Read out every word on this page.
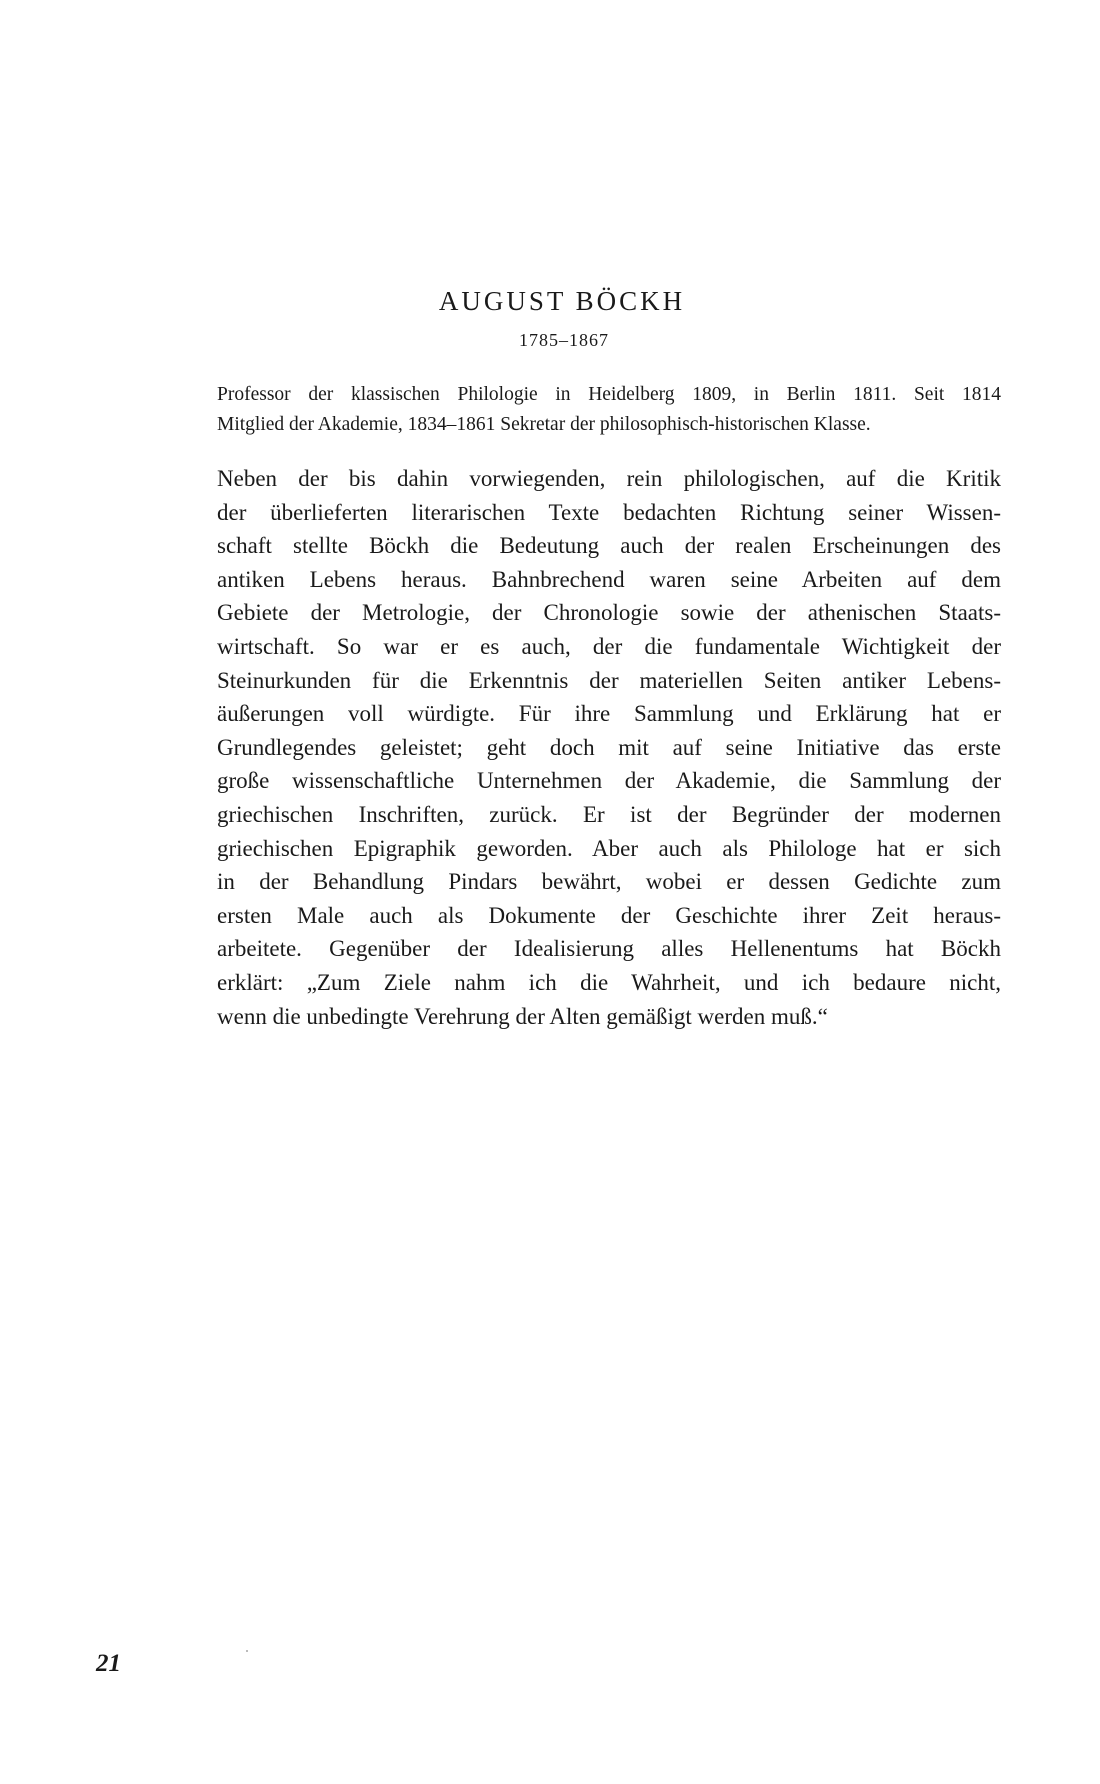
AUGUST BÖCKH
1785–1867
Professor der klassischen Philologie in Heidelberg 1809, in Berlin 1811. Seit 1814
Mitglied der Akademie, 1834–1861 Sekretar der philosophisch-historischen Klasse.
Neben der bis dahin vorwiegenden, rein philologischen, auf die Kritik
der überlieferten literarischen Texte bedachten Richtung seiner Wissen-
schaft stellte Böckh die Bedeutung auch der realen Erscheinungen des
antiken Lebens heraus. Bahnbrechend waren seine Arbeiten auf dem
Gebiete der Metrologie, der Chronologie sowie der athenischen Staats-
wirtschaft. So war er es auch, der die fundamentale Wichtigkeit der
Steinurkunden für die Erkenntnis der materiellen Seiten antiker Lebens-
äußerungen voll würdigte. Für ihre Sammlung und Erklärung hat er
Grundlegendes geleistet; geht doch mit auf seine Initiative das erste
große wissenschaftliche Unternehmen der Akademie, die Sammlung der
griechischen Inschriften, zurück. Er ist der Begründer der modernen
griechischen Epigraphik geworden. Aber auch als Philologe hat er sich
in der Behandlung Pindars bewährt, wobei er dessen Gedichte zum
ersten Male auch als Dokumente der Geschichte ihrer Zeit heraus-
arbeitete. Gegenüber der Idealisierung alles Hellenentums hat Böckh
erklärt: „Zum Ziele nahm ich die Wahrheit, und ich bedaure nicht,
wenn die unbedingte Verehrung der Alten gemäßigt werden muß.“
21
